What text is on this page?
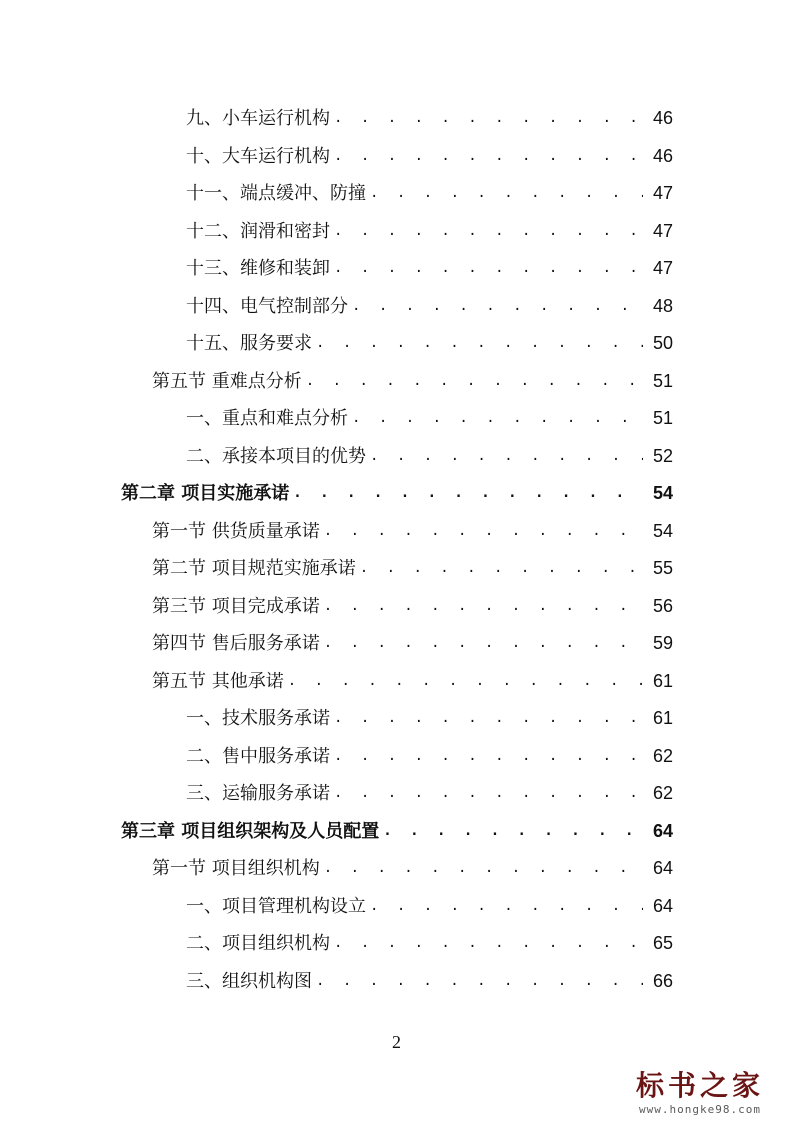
九、小车运行机构 . . .	46
十、大车运行机构 . . .	46
十一、端点缓冲、防撞 . . .	47
十二、润滑和密封 . . .	47
十三、维修和装卸 . . .	47
十四、电气控制部分 . . .	48
十五、服务要求 . . .	50
第五节 重难点分析 . . .	51
一、重点和难点分析 . . .	51
二、承接本项目的优势 . . .	52
第二章 项目实施承诺 . . .	54
第一节 供货质量承诺 . . .	54
第二节 项目规范实施承诺 . . .	55
第三节 项目完成承诺 . . .	56
第四节 售后服务承诺 . . .	59
第五节 其他承诺 . . .	61
一、技术服务承诺 . . .	61
二、售中服务承诺 . . .	62
三、运输服务承诺 . . .	62
第三章 项目组织架构及人员配置 . . .	64
第一节 项目组织机构 . . .	64
一、项目管理机构设立 . . .	64
二、项目组织机构 . . .	65
三、组织机构图 . . .	66
2
标书之家
www.hongke98.com
